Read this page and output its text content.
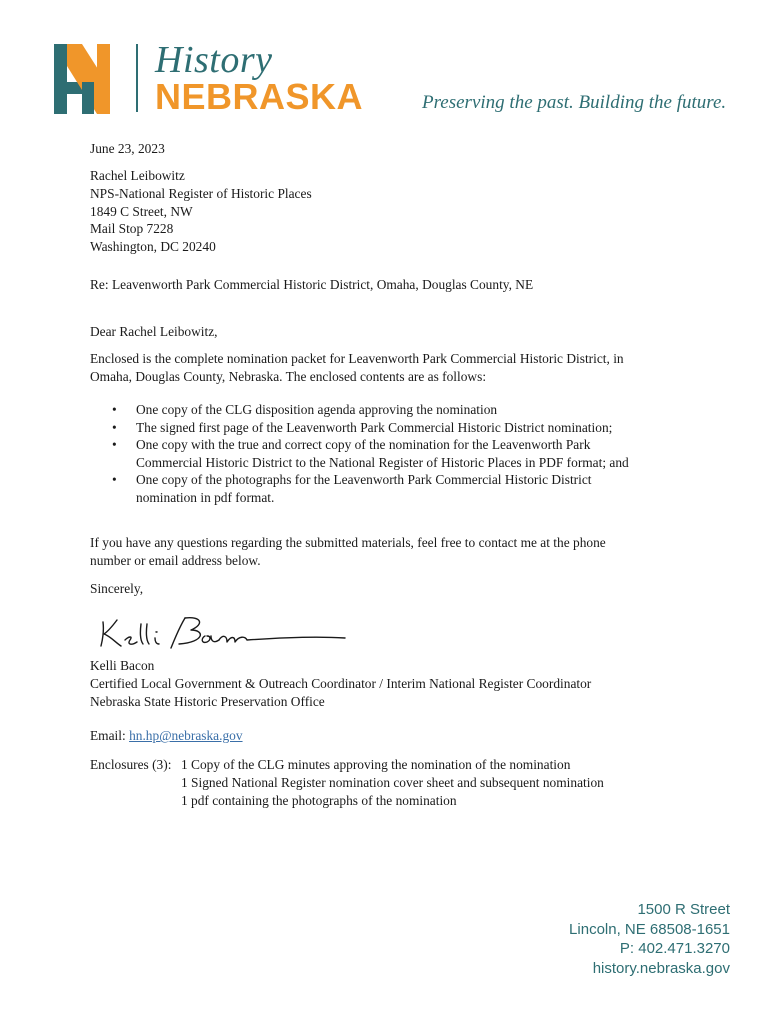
History
NEBRASKA	Preserving the past. Building the future.
June 23, 2023
Rachel Leibowitz
NPS-National Register of Historic Places
1849 C Street, NW
Mail Stop 7228
Washington, DC 20240
Re: Leavenworth Park Commercial Historic District, Omaha, Douglas County, NE
Dear Rachel Leibowitz,
Enclosed is the complete nomination packet for Leavenworth Park Commercial Historic District, in Omaha, Douglas County, Nebraska. The enclosed contents are as follows:
• One copy of the CLG disposition agenda approving the nomination
• The signed first page of the Leavenworth Park Commercial Historic District nomination;
• One copy with the true and correct copy of the nomination for the Leavenworth Park Commercial Historic District to the National Register of Historic Places in PDF format; and
• One copy of the photographs for the Leavenworth Park Commercial Historic District nomination in pdf format.
If you have any questions regarding the submitted materials, feel free to contact me at the phone number or email address below.
Sincerely,
Kelli Bacon
Certified Local Government & Outreach Coordinator / Interim National Register Coordinator
Nebraska State Historic Preservation Office
Email: hn.hp@nebraska.gov
Enclosures (3): 1 Copy of the CLG minutes approving the nomination of the nomination
1 Signed National Register nomination cover sheet and subsequent nomination
1 pdf containing the photographs of the nomination
1500 R Street
Lincoln, NE 68508-1651
P: 402.471.3270
history.nebraska.gov
